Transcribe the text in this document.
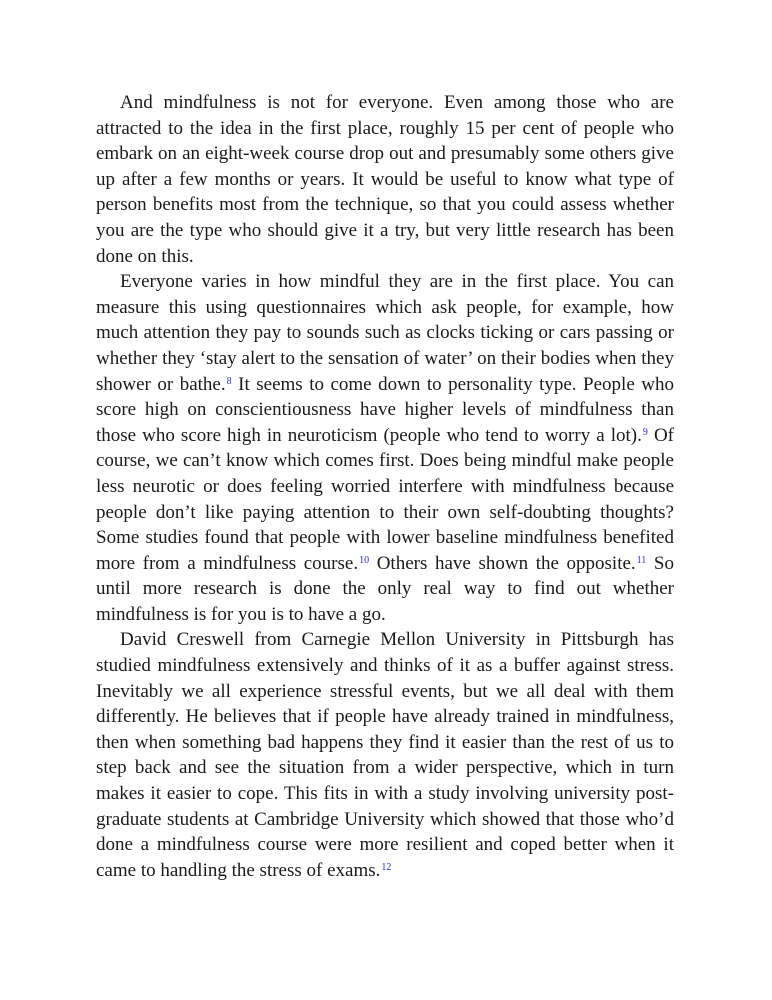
And mindfulness is not for everyone. Even among those who are attracted to the idea in the first place, roughly 15 per cent of people who embark on an eight-week course drop out and presumably some others give up after a few months or years. It would be useful to know what type of person benefits most from the technique, so that you could assess whether you are the type who should give it a try, but very little research has been done on this.

Everyone varies in how mindful they are in the first place. You can measure this using questionnaires which ask people, for example, how much attention they pay to sounds such as clocks ticking or cars passing or whether they ‘stay alert to the sensation of water’ on their bodies when they shower or bathe.$^8$ It seems to come down to personality type. People who score high on conscientiousness have higher levels of mindfulness than those who score high in neuroticism (people who tend to worry a lot).$^9$ Of course, we can’t know which comes first. Does being mindful make people less neurotic or does feeling worried interfere with mindfulness because people don’t like paying attention to their own self-doubting thoughts? Some studies found that people with lower baseline mindfulness benefited more from a mindfulness course.$^{10}$ Others have shown the opposite.$^{11}$ So until more research is done the only real way to find out whether mindfulness is for you is to have a go.

David Creswell from Carnegie Mellon University in Pittsburgh has studied mindfulness extensively and thinks of it as a buffer against stress. Inevitably we all experience stressful events, but we all deal with them differently. He believes that if people have already trained in mindfulness, then when something bad happens they find it easier than the rest of us to step back and see the situation from a wider perspective, which in turn makes it easier to cope. This fits in with a study involving university post-graduate students at Cambridge University which showed that those who’d done a mindfulness course were more resilient and coped better when it came to handling the stress of exams.$^{12}$
